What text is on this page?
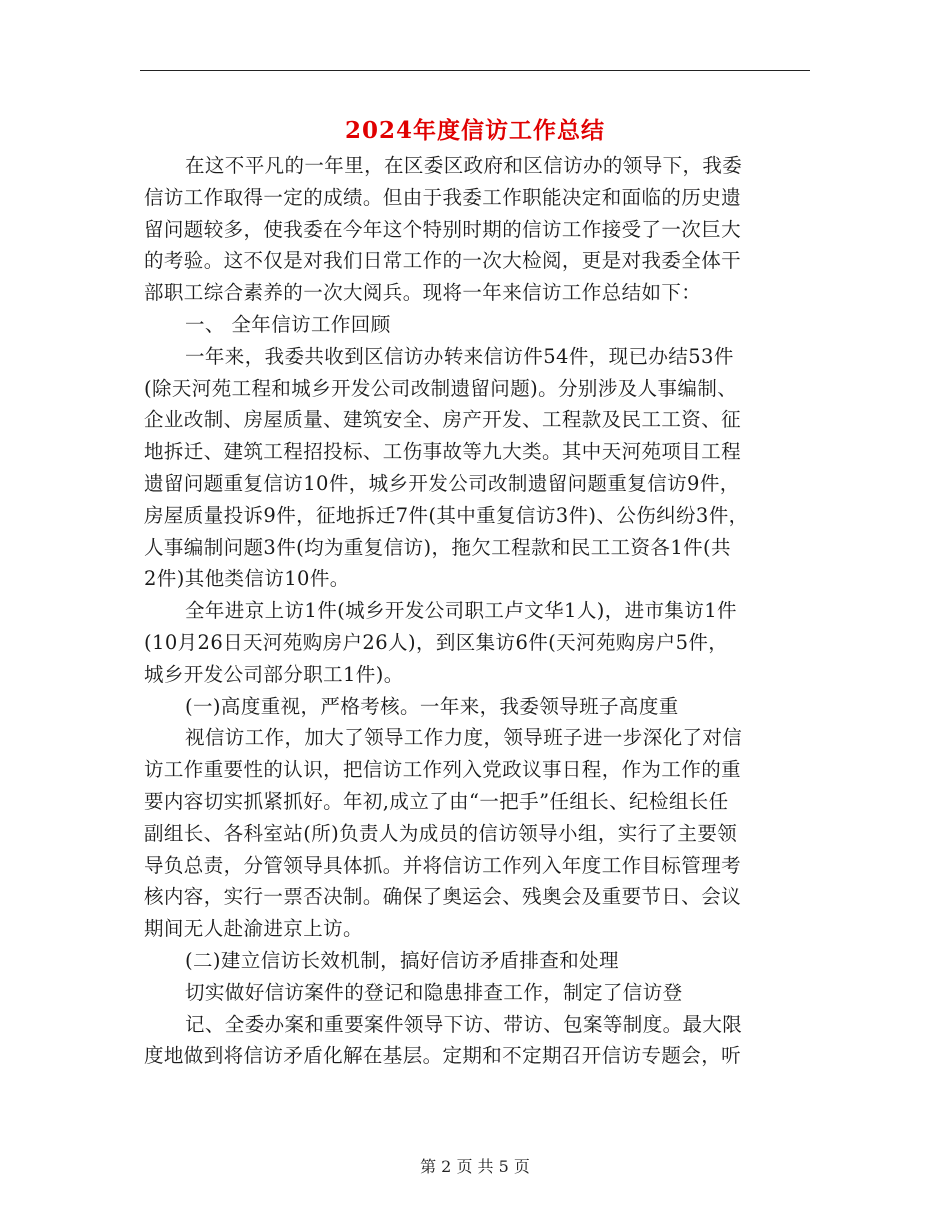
2024年度信访工作总结
在这不平凡的一年里，在区委区政府和区信访办的领导下，我委
信访工作取得一定的成绩。但由于我委工作职能决定和面临的历史遗
留问题较多，使我委在今年这个特别时期的信访工作接受了一次巨大
的考验。这不仅是对我们日常工作的一次大检阅，更是对我委全体干
部职工综合素养的一次大阅兵。现将一年来信访工作总结如下：
一、 全年信访工作回顾
一年来，我委共收到区信访办转来信访件54件，现已办结53件
(除天河苑工程和城乡开发公司改制遗留问题)。分别涉及人事编制、
企业改制、房屋质量、建筑安全、房产开发、工程款及民工工资、征
地拆迁、建筑工程招投标、工伤事故等九大类。其中天河苑项目工程
遗留问题重复信访10件，城乡开发公司改制遗留问题重复信访9件，
房屋质量投诉9件，征地拆迁7件(其中重复信访3件)、公伤纠纷3件，
人事编制问题3件(均为重复信访)，拖欠工程款和民工工资各1件(共
2件)其他类信访10件。
全年进京上访1件(城乡开发公司职工卢文华1人)，进市集访1件
(10月26日天河苑购房户26人)，到区集访6件(天河苑购房户5件，
城乡开发公司部分职工1件)。
(一)高度重视，严格考核。一年来，我委领导班子高度重
视信访工作，加大了领导工作力度，领导班子进一步深化了对信
访工作重要性的认识，把信访工作列入党政议事日程，作为工作的重
要内容切实抓紧抓好。年初,成立了由“一把手”任组长、纪检组长任
副组长、各科室站(所)负责人为成员的信访领导小组，实行了主要领
导负总责，分管领导具体抓。并将信访工作列入年度工作目标管理考
核内容，实行一票否决制。确保了奥运会、残奥会及重要节日、会议
期间无人赴渝进京上访。
(二)建立信访长效机制，搞好信访矛盾排查和处理
切实做好信访案件的登记和隐患排查工作，制定了信访登
记、全委办案和重要案件领导下访、带访、包案等制度。最大限
度地做到将信访矛盾化解在基层。定期和不定期召开信访专题会，听
第 2 页 共 5 页
